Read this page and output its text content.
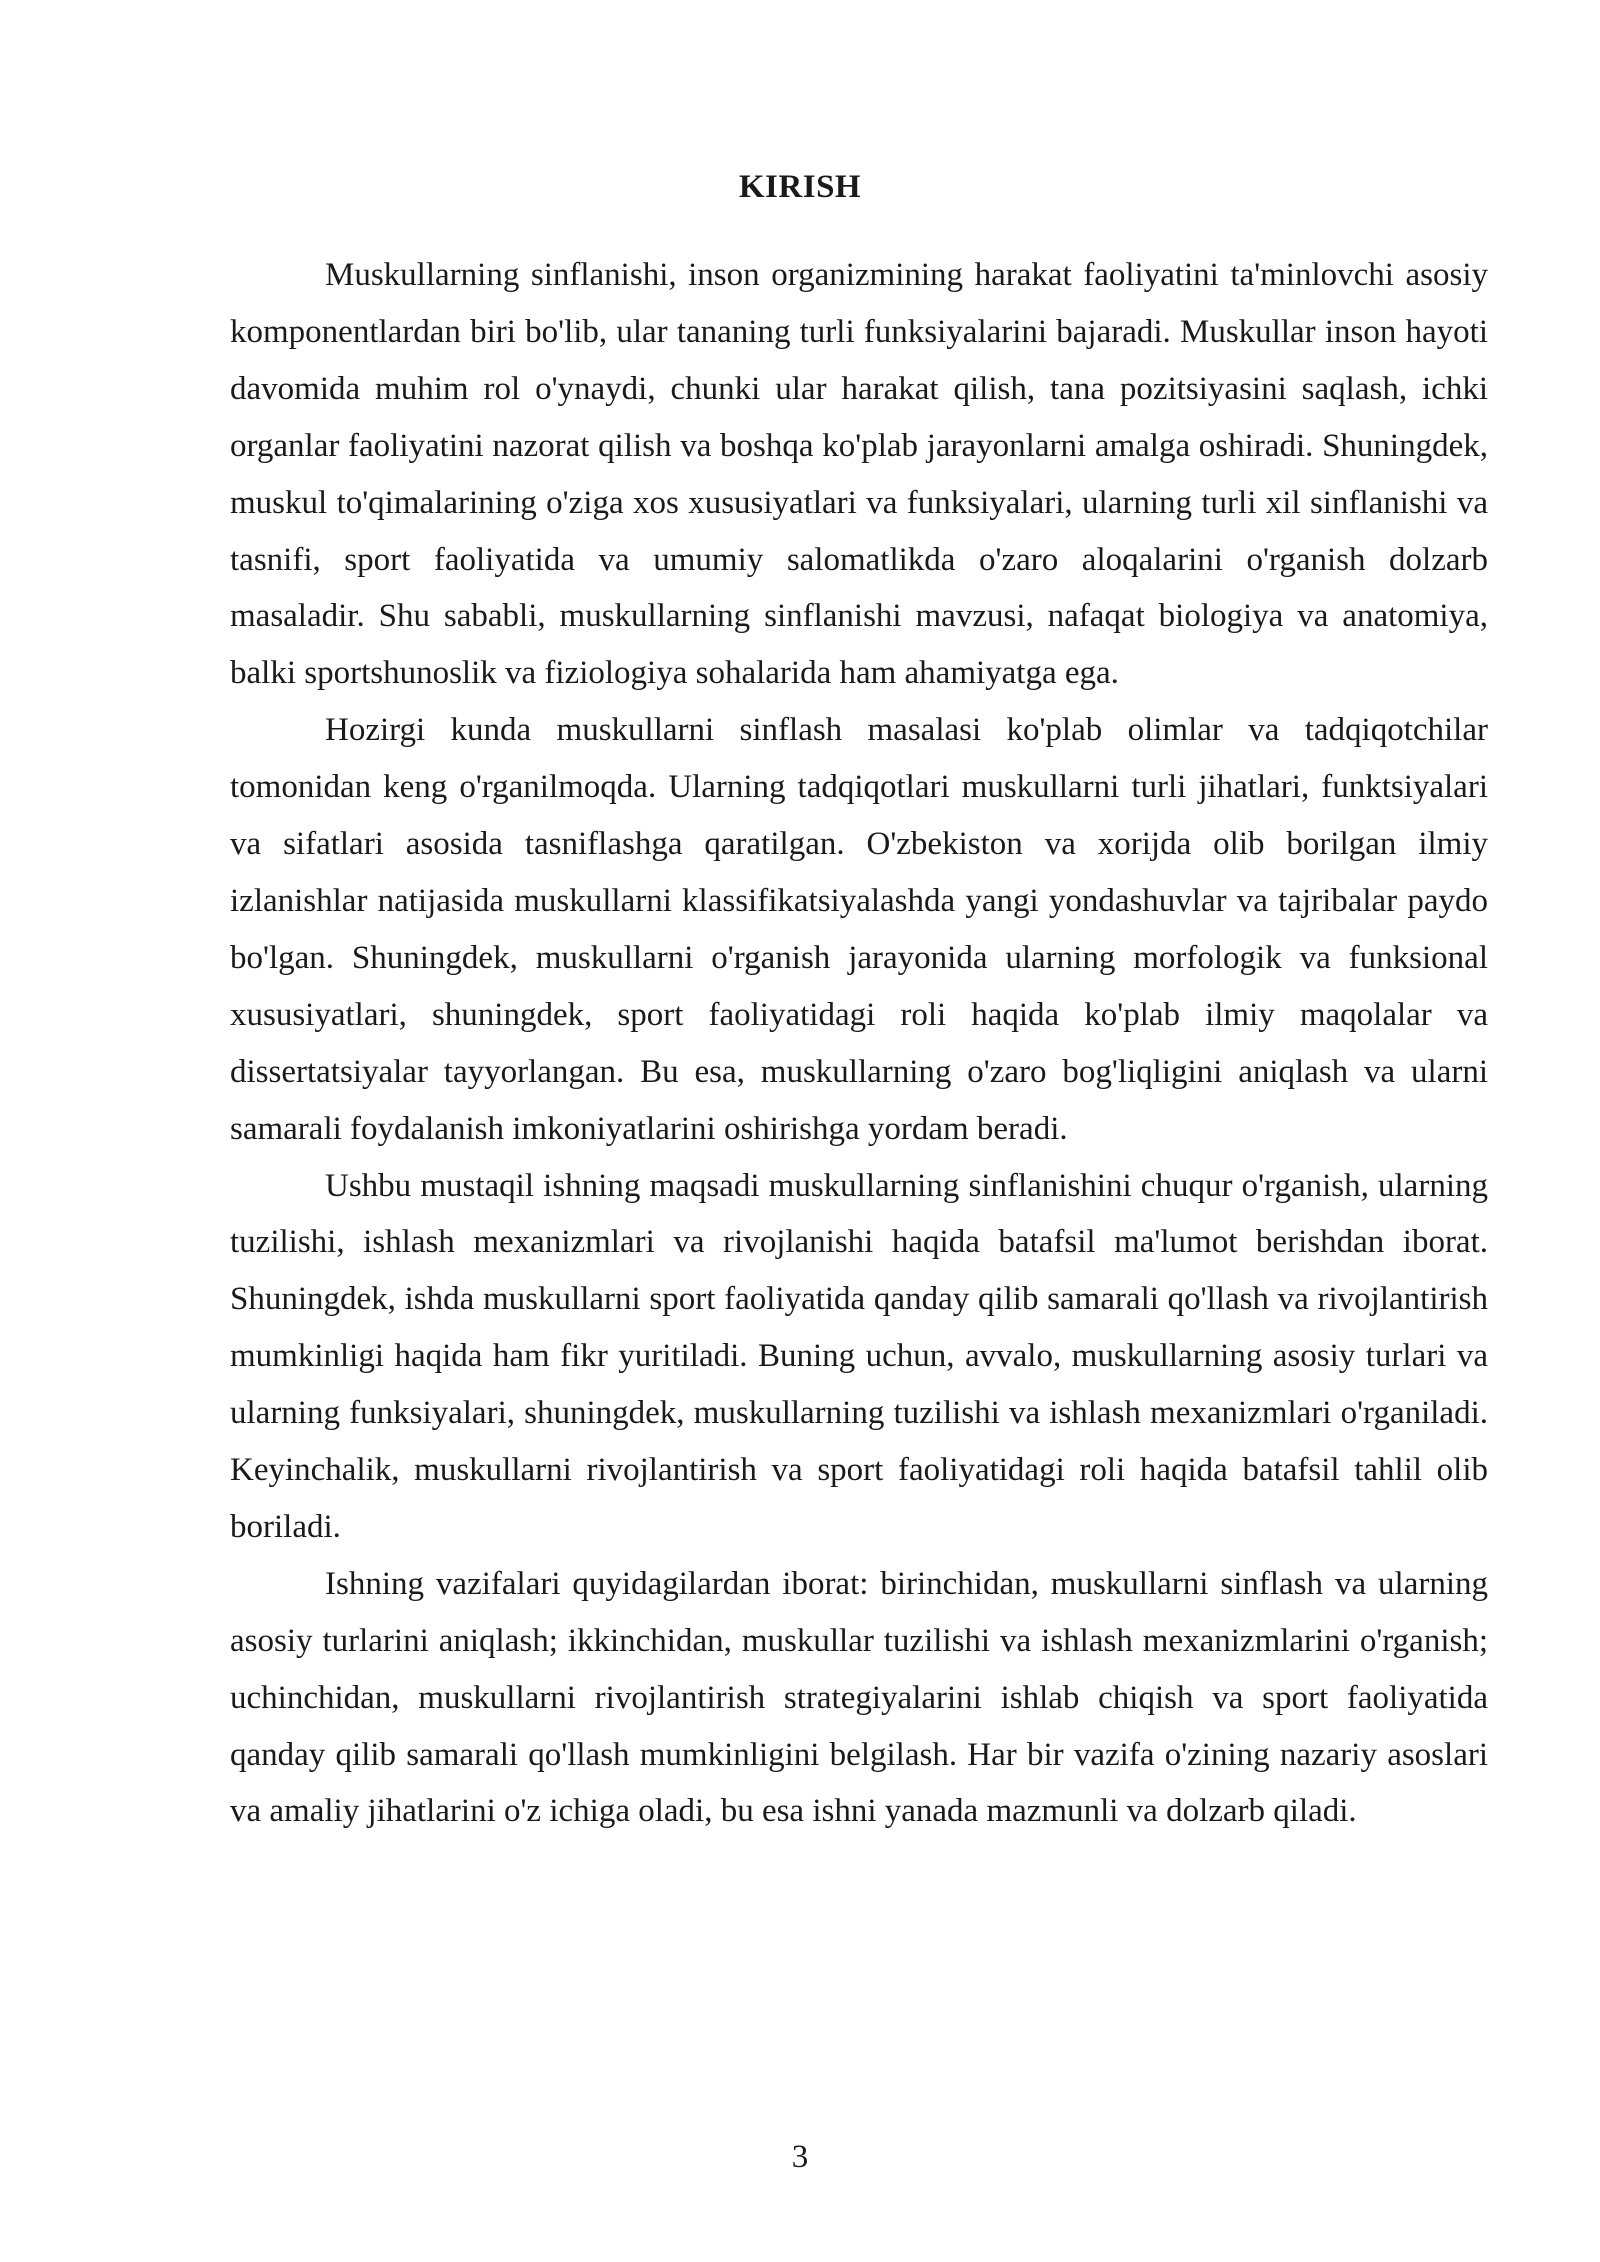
KIRISH

Muskullarning sinflanishi, inson organizmining harakat faoliyatini ta'minlovchi asosiy komponentlardan biri bo'lib, ular tananing turli funksiyalarini bajaradi. Muskullar inson hayoti davomida muhim rol o'ynaydi, chunki ular harakat qilish, tana pozitsiyasini saqlash, ichki organlar faoliyatini nazorat qilish va boshqa ko'plab jarayonlarni amalga oshiradi. Shuningdek, muskul to'qimalarining o'ziga xos xususiyatlari va funksiyalari, ularning turli xil sinflanishi va tasnifi, sport faoliyatida va umumiy salomatlikda o'zaro aloqalarini o'rganish dolzarb masaladir. Shu sababli, muskullarning sinflanishi mavzusi, nafaqat biologiya va anatomiya, balki sportshunoslik va fiziologiya sohalarida ham ahamiyatga ega.

Hozirgi kunda muskullarni sinflash masalasi ko'plab olimlar va tadqiqotchilar tomonidan keng o'rganilmoqda. Ularning tadqiqotlari muskullarni turli jihatlari, funktsiyalari va sifatlari asosida tasniflashga qaratilgan. O'zbekiston va xorijda olib borilgan ilmiy izlanishlar natijasida muskullarni klassifikatsiyalashda yangi yondashuvlar va tajribalar paydo bo'lgan. Shuningdek, muskullarni o'rganish jarayonida ularning morfologik va funksional xususiyatlari, shuningdek, sport faoliyatidagi roli haqida ko'plab ilmiy maqolalar va dissertatsiyalar tayyorlangan. Bu esa, muskullarning o'zaro bog'liqligini aniqlash va ularni samarali foydalanish imkoniyatlarini oshirishga yordam beradi.

Ushbu mustaqil ishning maqsadi muskullarning sinflanishini chuqur o'rganish, ularning tuzilishi, ishlash mexanizmlari va rivojlanishi haqida batafsil ma'lumot berishdan iborat. Shuningdek, ishda muskullarni sport faoliyatida qanday qilib samarali qo'llash va rivojlantirish mumkinligi haqida ham fikr yuritiladi. Buning uchun, avvalo, muskullarning asosiy turlari va ularning funksiyalari, shuningdek, muskullarning tuzilishi va ishlash mexanizmlari o'rganiladi. Keyinchalik, muskullarni rivojlantirish va sport faoliyatidagi roli haqida batafsil tahlil olib boriladi.

Ishning vazifalari quyidagilardan iborat: birinchidan, muskullarni sinflash va ularning asosiy turlarini aniqlash; ikkinchidan, muskullar tuzilishi va ishlash mexanizmlarini o'rganish; uchinchidan, muskullarni rivojlantirish strategiyalarini ishlab chiqish va sport faoliyatida qanday qilib samarali qo'llash mumkinligini belgilash. Har bir vazifa o'zining nazariy asoslari va amaliy jihatlarini o'z ichiga oladi, bu esa ishni yanada mazmunli va dolzarb qiladi.

3
